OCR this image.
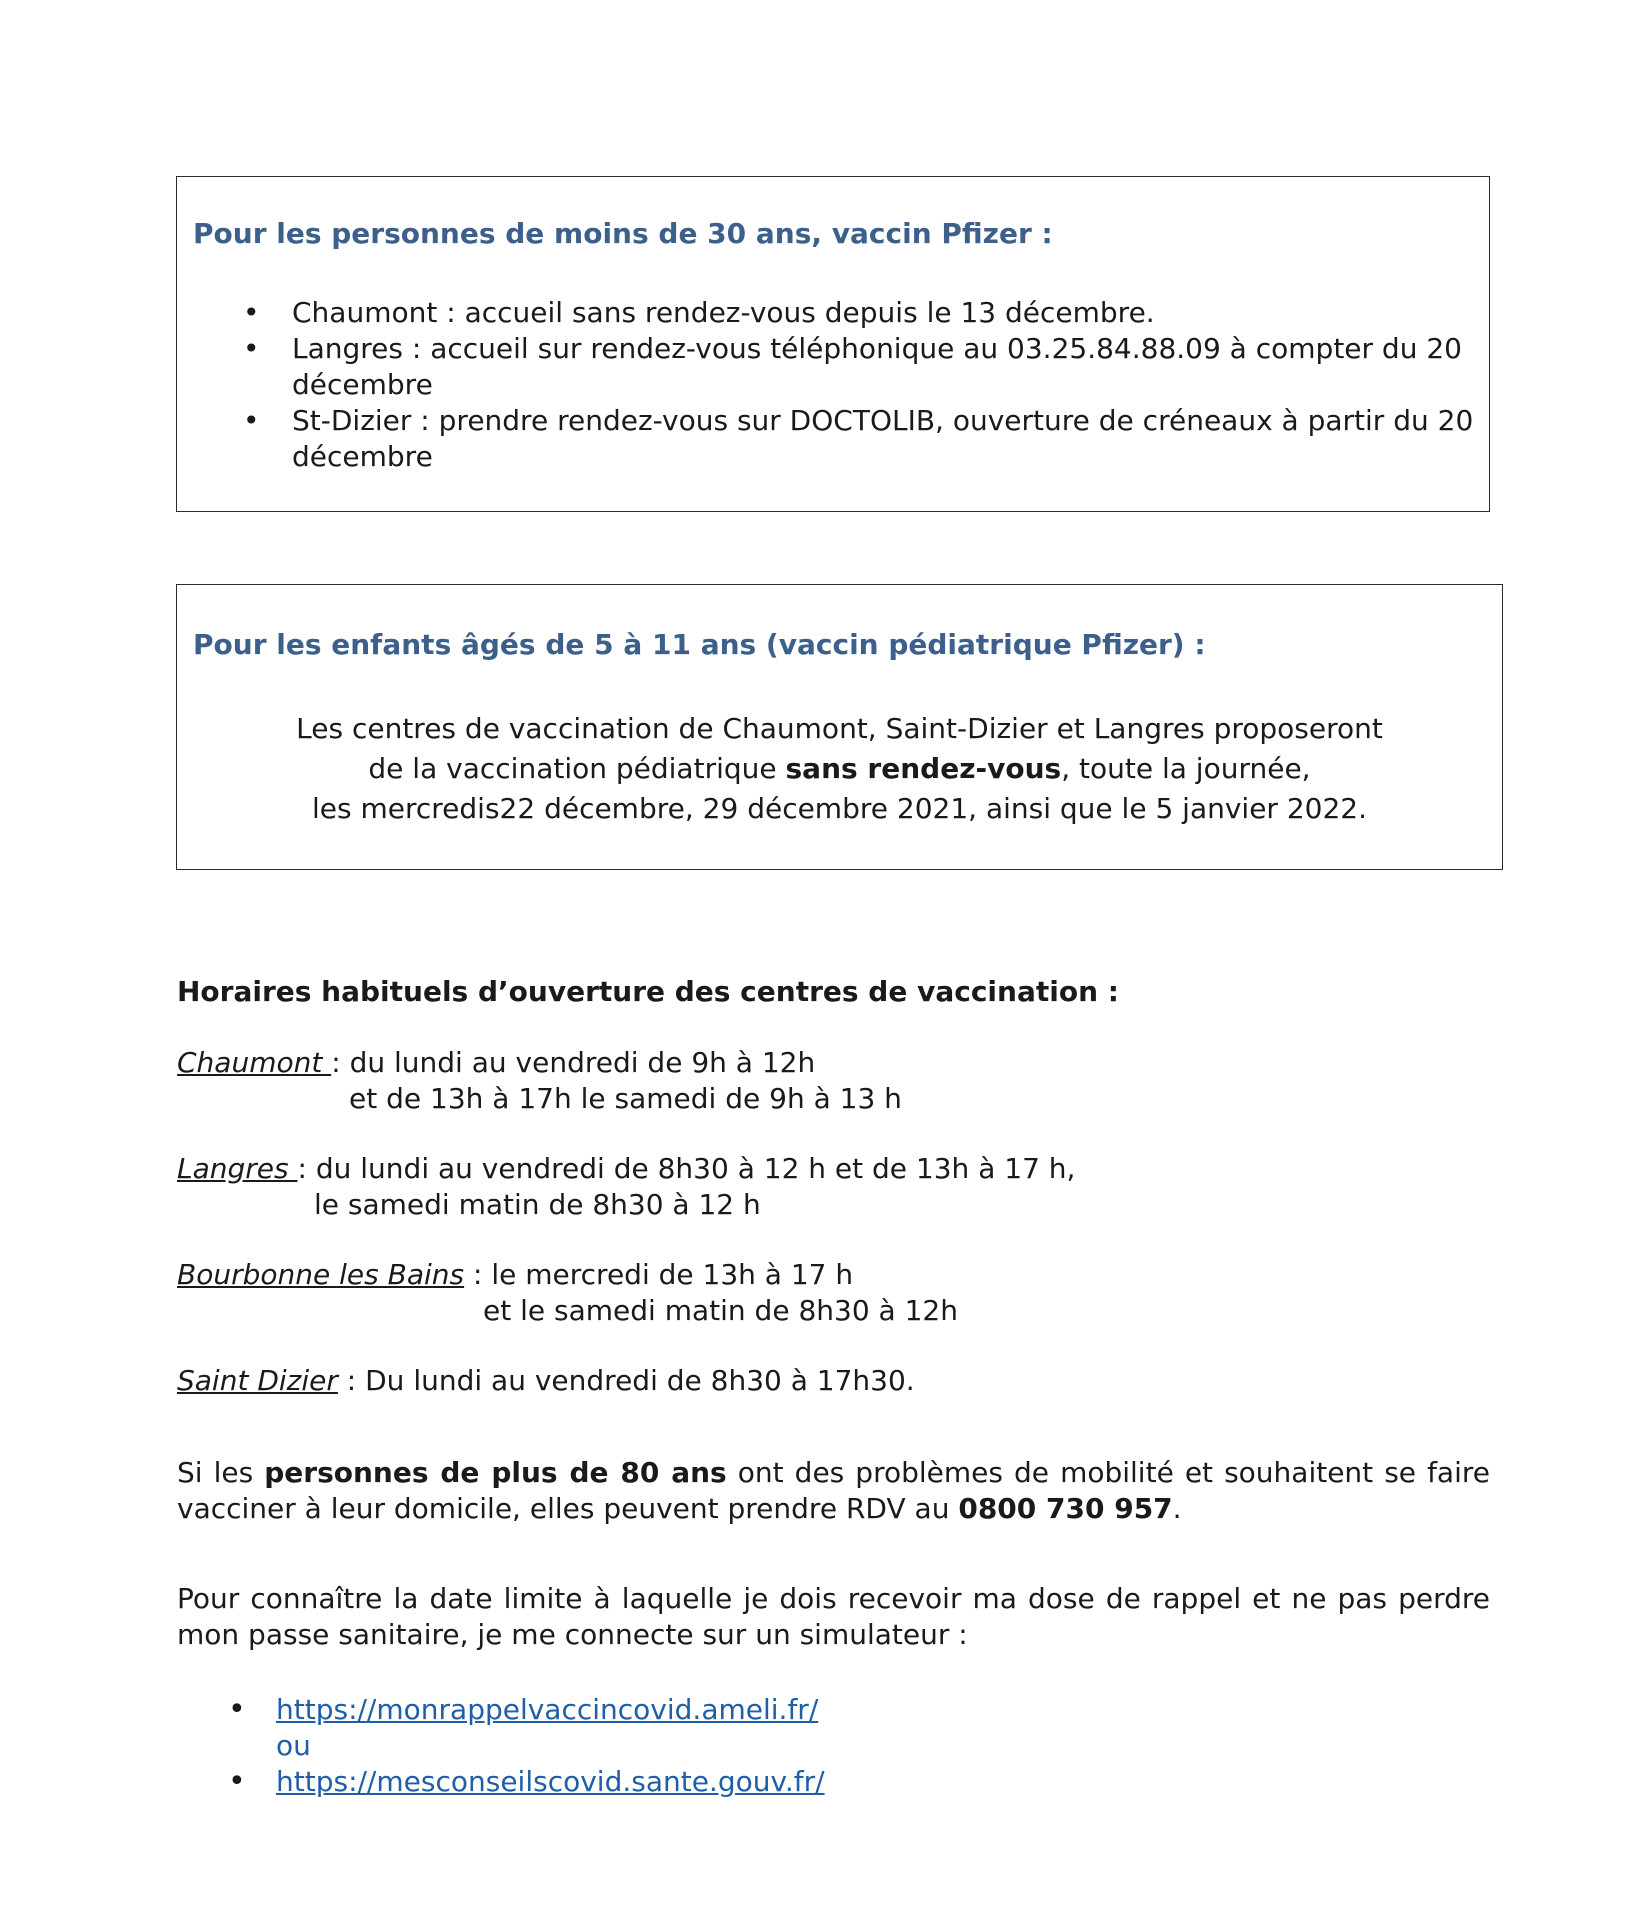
Pour les personnes de moins de 30 ans, vaccin Pfizer :
• Chaumont : accueil sans rendez-vous depuis le 13 décembre.
• Langres : accueil sur rendez-vous téléphonique au 03.25.84.88.09 à compter du 20 décembre
• St-Dizier : prendre rendez-vous sur DOCTOLIB, ouverture de créneaux à partir du 20 décembre
Pour les enfants âgés de 5 à 11 ans (vaccin pédiatrique Pfizer) :
Les centres de vaccination de Chaumont, Saint-Dizier et Langres proposeront
de la vaccination pédiatrique sans rendez-vous, toute la journée,
les mercredis22 décembre, 29 décembre 2021, ainsi que le 5 janvier 2022.
Horaires habituels d’ouverture des centres de vaccination :
Chaumont : du lundi au vendredi de 9h à 12h
et de 13h à 17h le samedi de 9h à 13 h
Langres : du lundi au vendredi de 8h30 à 12 h et de 13h à 17 h,
le samedi matin de 8h30 à 12 h
Bourbonne les Bains : le mercredi de 13h à 17 h
et le samedi matin de 8h30 à 12h
Saint Dizier : Du lundi au vendredi de 8h30 à 17h30.
Si les personnes de plus de 80 ans ont des problèmes de mobilité et souhaitent se faire vacciner à leur domicile, elles peuvent prendre RDV au 0800 730 957.
Pour connaître la date limite à laquelle je dois recevoir ma dose de rappel et ne pas perdre mon passe sanitaire, je me connecte sur un simulateur :
• https://monrappelvaccincovid.ameli.fr/
ou
• https://mesconseilscovid.sante.gouv.fr/
